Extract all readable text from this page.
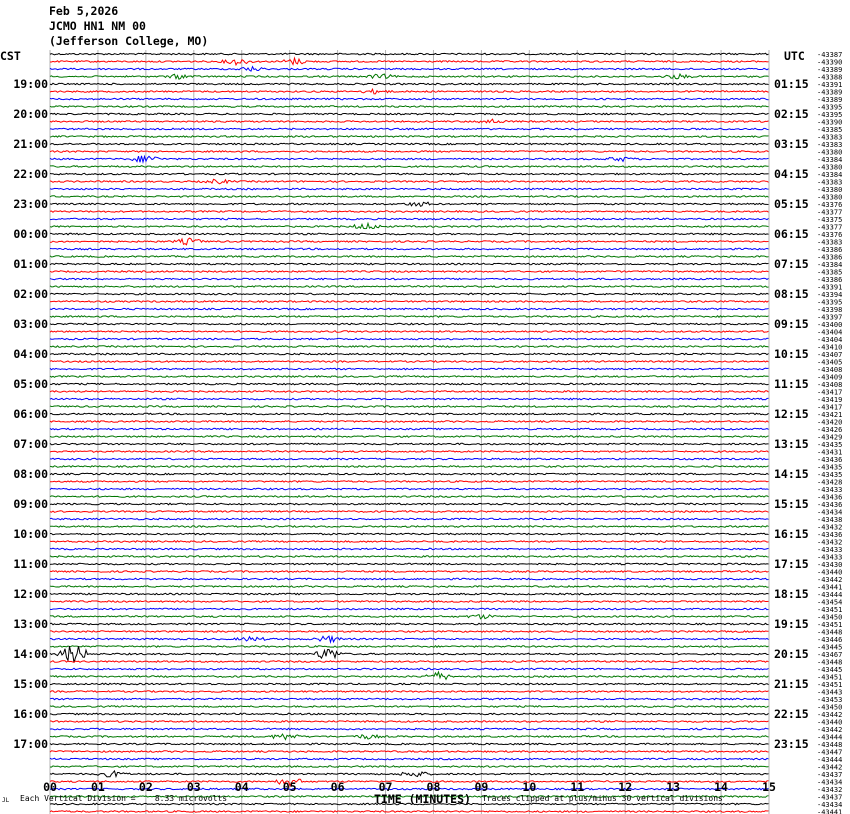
19:00
20:00
21:00
22:00
23:00
00:00
01:00
02:00
03:00
04:00
05:00
06:00
07:00
08:00
09:00
10:00
11:00
12:00
13:00
14:00
15:00
16:00
17:00
01:15
02:15
03:15
04:15
05:15
06:15
07:15
08:15
09:15
10:15
11:15
12:15
13:15
14:15
15:15
16:15
17:15
18:15
19:15
20:15
21:15
22:15
23:15
-43387
-43390
-43389
-43388
-43391
-43389
-43389
-43395
-43395
-43390
-43385
-43383
-43383
-43380
-43384
-43380
-43384
-43383
-43380
-43380
-43376
-43377
-43375
-43377
-43376
-43383
-43386
-43386
-43384
-43385
-43386
-43391
-43394
-43395
-43398
-43397
-43400
-43404
-43404
-43410
-43407
-43405
-43408
-43409
-43408
-43417
-43419
-43417
-43421
-43420
-43426
-43429
-43435
-43431
-43436
-43435
-43435
-43428
-43433
-43436
-43436
-43434
-43438
-43432
-43436
-43432
-43433
-43433
-43430
-43440
-43442
-43441
-43444
-43454
-43451
-43450
-43451
-43448
-43446
-43445
-43467
-43448
-43445
-43451
-43451
-43443
-43453
-43450
-43442
-43440
-43442
-43444
-43448
-43447
-43444
-43442
-43437
-43434
-43432
-43437
-43434
-43441
00	01	02	03	04	05	06	07	08	09	10	11	12	13	14	15
Feb 5,2026
JCMO HN1 NM 00
(Jefferson College, MO)
CST	UTC
TIME (MINUTES)
JL Each Vertical Division =    8.33 microvolts	Traces clipped at plus/minus 30 vertical divisions
